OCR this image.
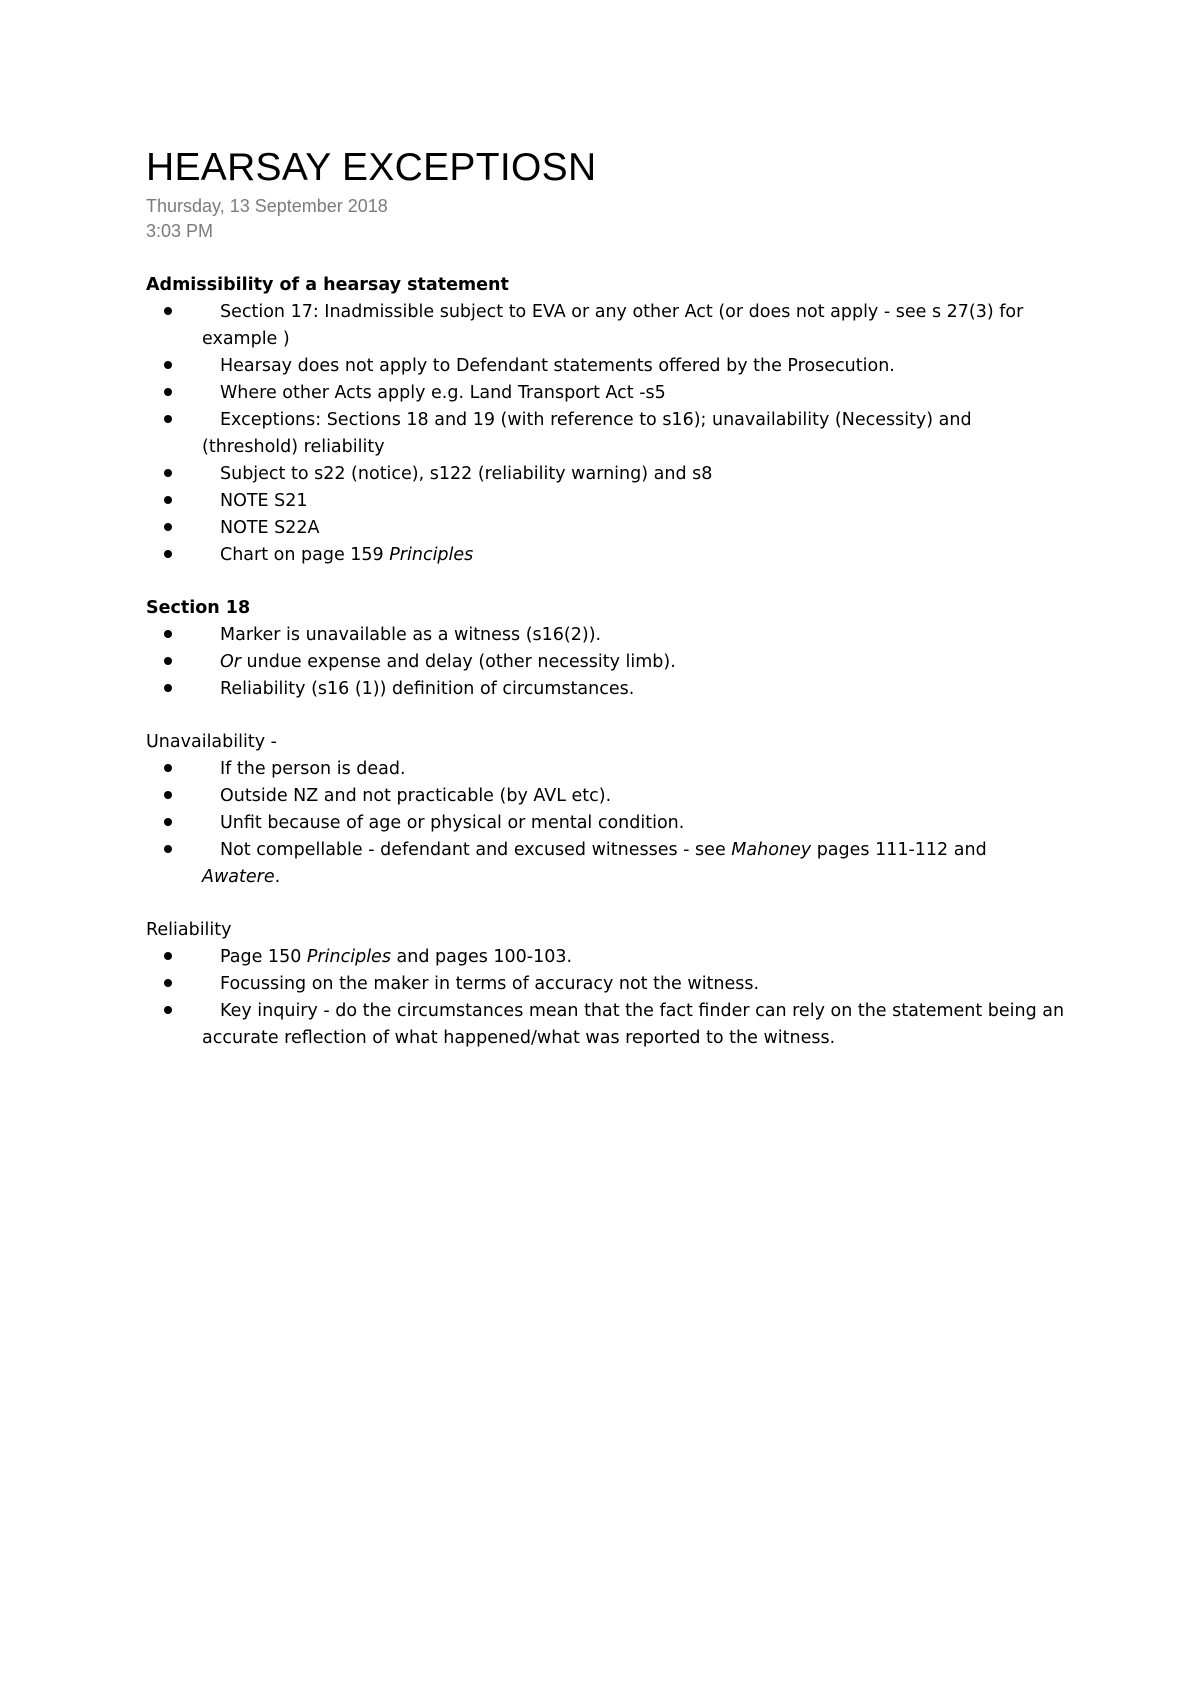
HEARSAY EXCEPTIOSN
Thursday, 13 September 2018
3:03 PM
Admissibility of a hearsay statement
Section 17: Inadmissible subject to EVA or any other Act (or does not apply - see s 27(3) for example )
Hearsay does not apply to Defendant statements offered by the Prosecution.
Where other Acts apply e.g. Land Transport Act -s5
Exceptions: Sections 18 and 19 (with reference to s16); unavailability (Necessity) and (threshold) reliability
Subject to s22 (notice), s122 (reliability warning) and s8
NOTE S21
NOTE S22A
Chart on page 159 Principles
Section 18
Marker is unavailable as a witness (s16(2)).
Or undue expense and delay (other necessity limb).
Reliability (s16 (1)) definition of circumstances.
Unavailability -
If the person is dead.
Outside NZ and not practicable (by AVL etc).
Unfit because of age or physical or mental condition.
Not compellable - defendant and excused witnesses - see Mahoney pages 111-112 and Awatere.
Reliability
Page 150 Principles and pages 100-103.
Focussing on the maker in terms of accuracy not the witness.
Key inquiry - do the circumstances mean that the fact finder can rely on the statement being an accurate reflection of what happened/what was reported to the witness.
